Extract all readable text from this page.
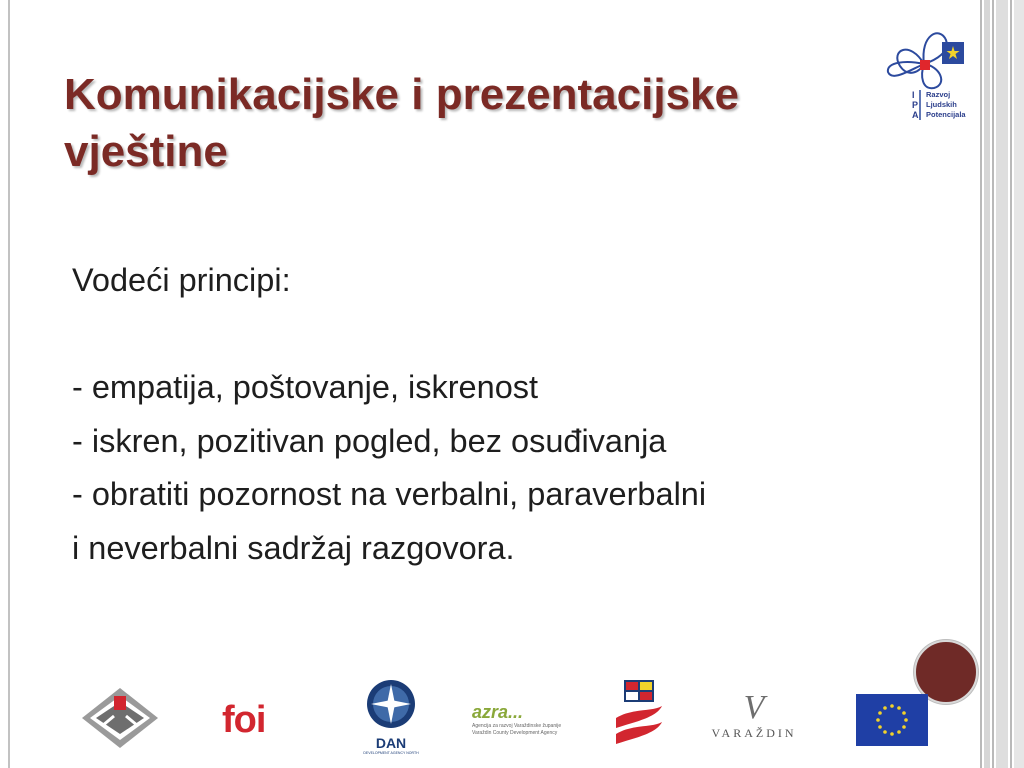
I
P
A
Razvoj
Ljudskih
Potencijala
Komunikacijske i prezentacijske
vještine
Vodeći principi:
- empatija, poštovanje, iskrenost
- iskren, pozitivan pogled, bez osuđivanja
- obratiti pozornost na verbalni, paraverbalni
i neverbalni sadržaj razgovora.
foi
DAN
DEVELOPMENT AGENCY NORTH
azra...
Agencija za razvoj Varaždinske županije
Varaždin County Development Agency
V
VARAŽDIN
